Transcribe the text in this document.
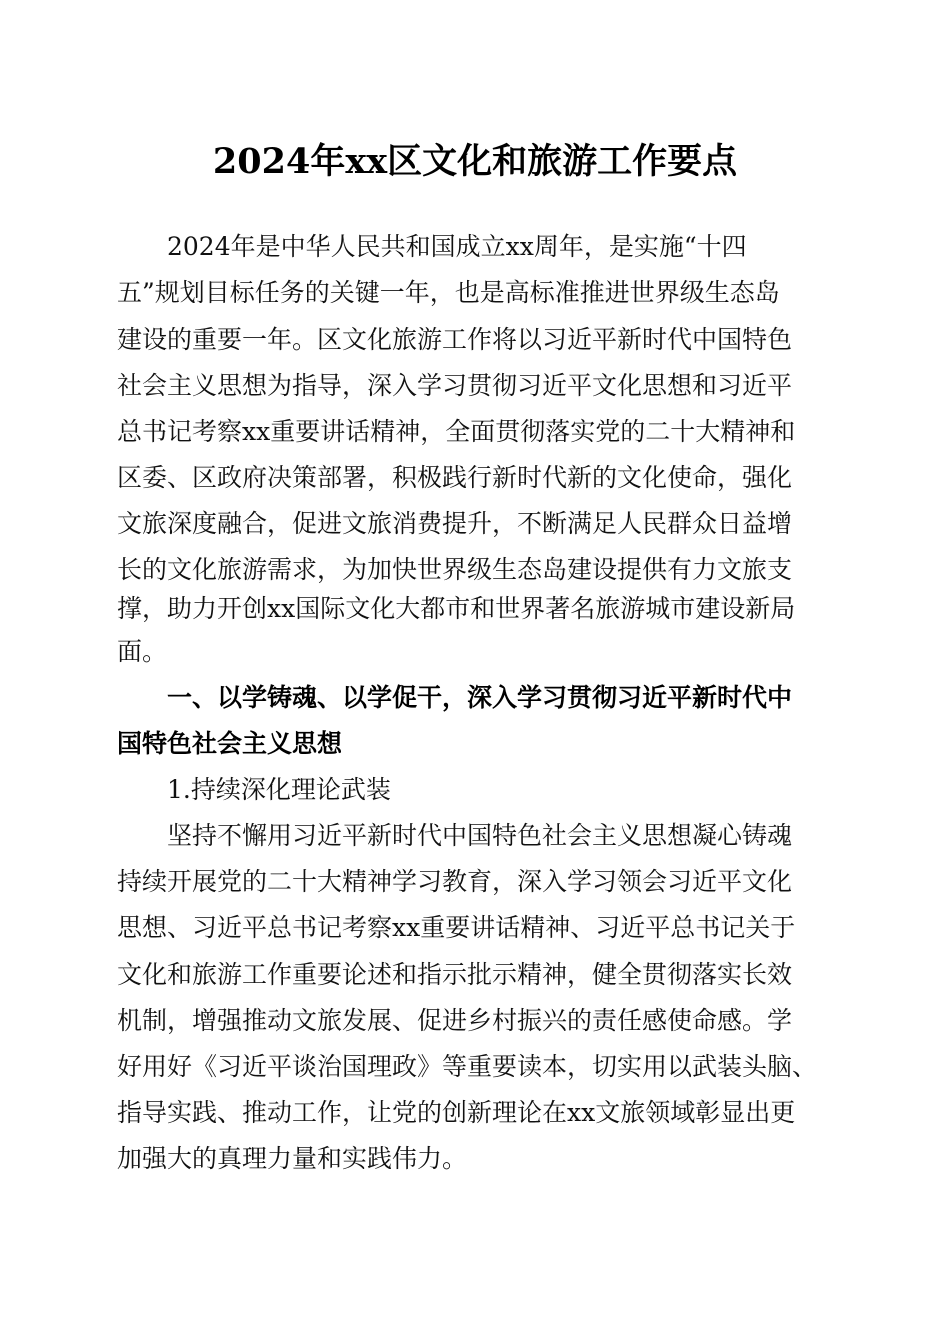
2024年xx区文化和旅游工作要点
2024年是中华人民共和国成立xx周年，是实施“十四
五”规划目标任务的关键一年，也是高标准推进世界级生态岛
建设的重要一年。区文化旅游工作将以习近平新时代中国特色
社会主义思想为指导，深入学习贯彻习近平文化思想和习近平
总书记考察xx重要讲话精神，全面贯彻落实党的二十大精神和
区委、区政府决策部署，积极践行新时代新的文化使命，强化
文旅深度融合，促进文旅消费提升，不断满足人民群众日益增
长的文化旅游需求，为加快世界级生态岛建设提供有力文旅支
撑，助力开创xx国际文化大都市和世界著名旅游城市建设新局
面。
一、以学铸魂、以学促干，深入学习贯彻习近平新时代中
国特色社会主义思想
1.持续深化理论武装
坚持不懈用习近平新时代中国特色社会主义思想凝心铸魂
持续开展党的二十大精神学习教育，深入学习领会习近平文化
思想、习近平总书记考察xx重要讲话精神、习近平总书记关于
文化和旅游工作重要论述和指示批示精神，健全贯彻落实长效
机制，增强推动文旅发展、促进乡村振兴的责任感使命感。学
好用好《习近平谈治国理政》等重要读本，切实用以武装头脑、
指导实践、推动工作，让党的创新理论在xx文旅领域彰显出更
加强大的真理力量和实践伟力。
